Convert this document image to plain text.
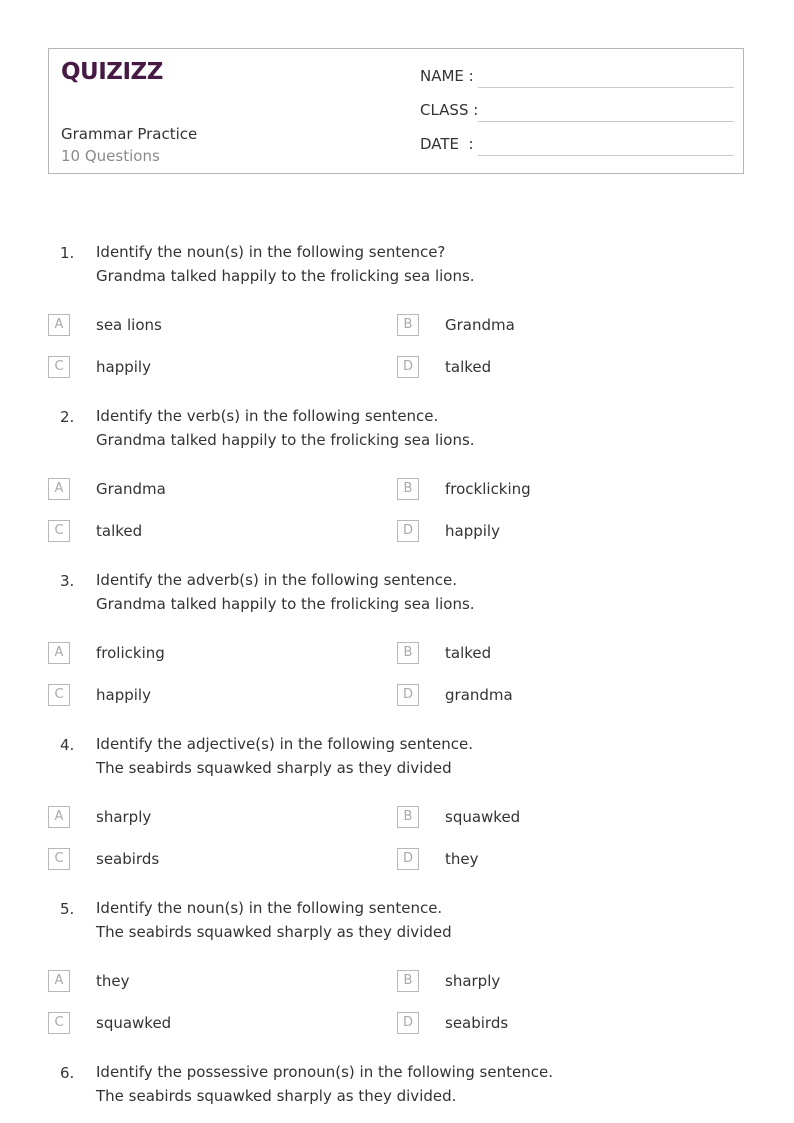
QUIZIZZ
Grammar Practice
10 Questions
NAME :
CLASS :
DATE  :
1. Identify the noun(s) in the following sentence?
Grandma talked happily to the frolicking sea lions.
A	sea lions	B	Grandma
C	happily	D	talked
2. Identify the verb(s) in the following sentence.
Grandma talked happily to the frolicking sea lions.
A	Grandma	B	frocklicking
C	talked	D	happily
3. Identify the adverb(s) in the following sentence.
Grandma talked happily to the frolicking sea lions.
A	frolicking	B	talked
C	happily	D	grandma
4. Identify the adjective(s) in the following sentence.
The seabirds squawked sharply as they divided
A	sharply	B	squawked
C	seabirds	D	they
5. Identify the noun(s) in the following sentence.
The seabirds squawked sharply as they divided
A	they	B	sharply
C	squawked	D	seabirds
6. Identify the possessive pronoun(s) in the following sentence.
The seabirds squawked sharply as they divided.
